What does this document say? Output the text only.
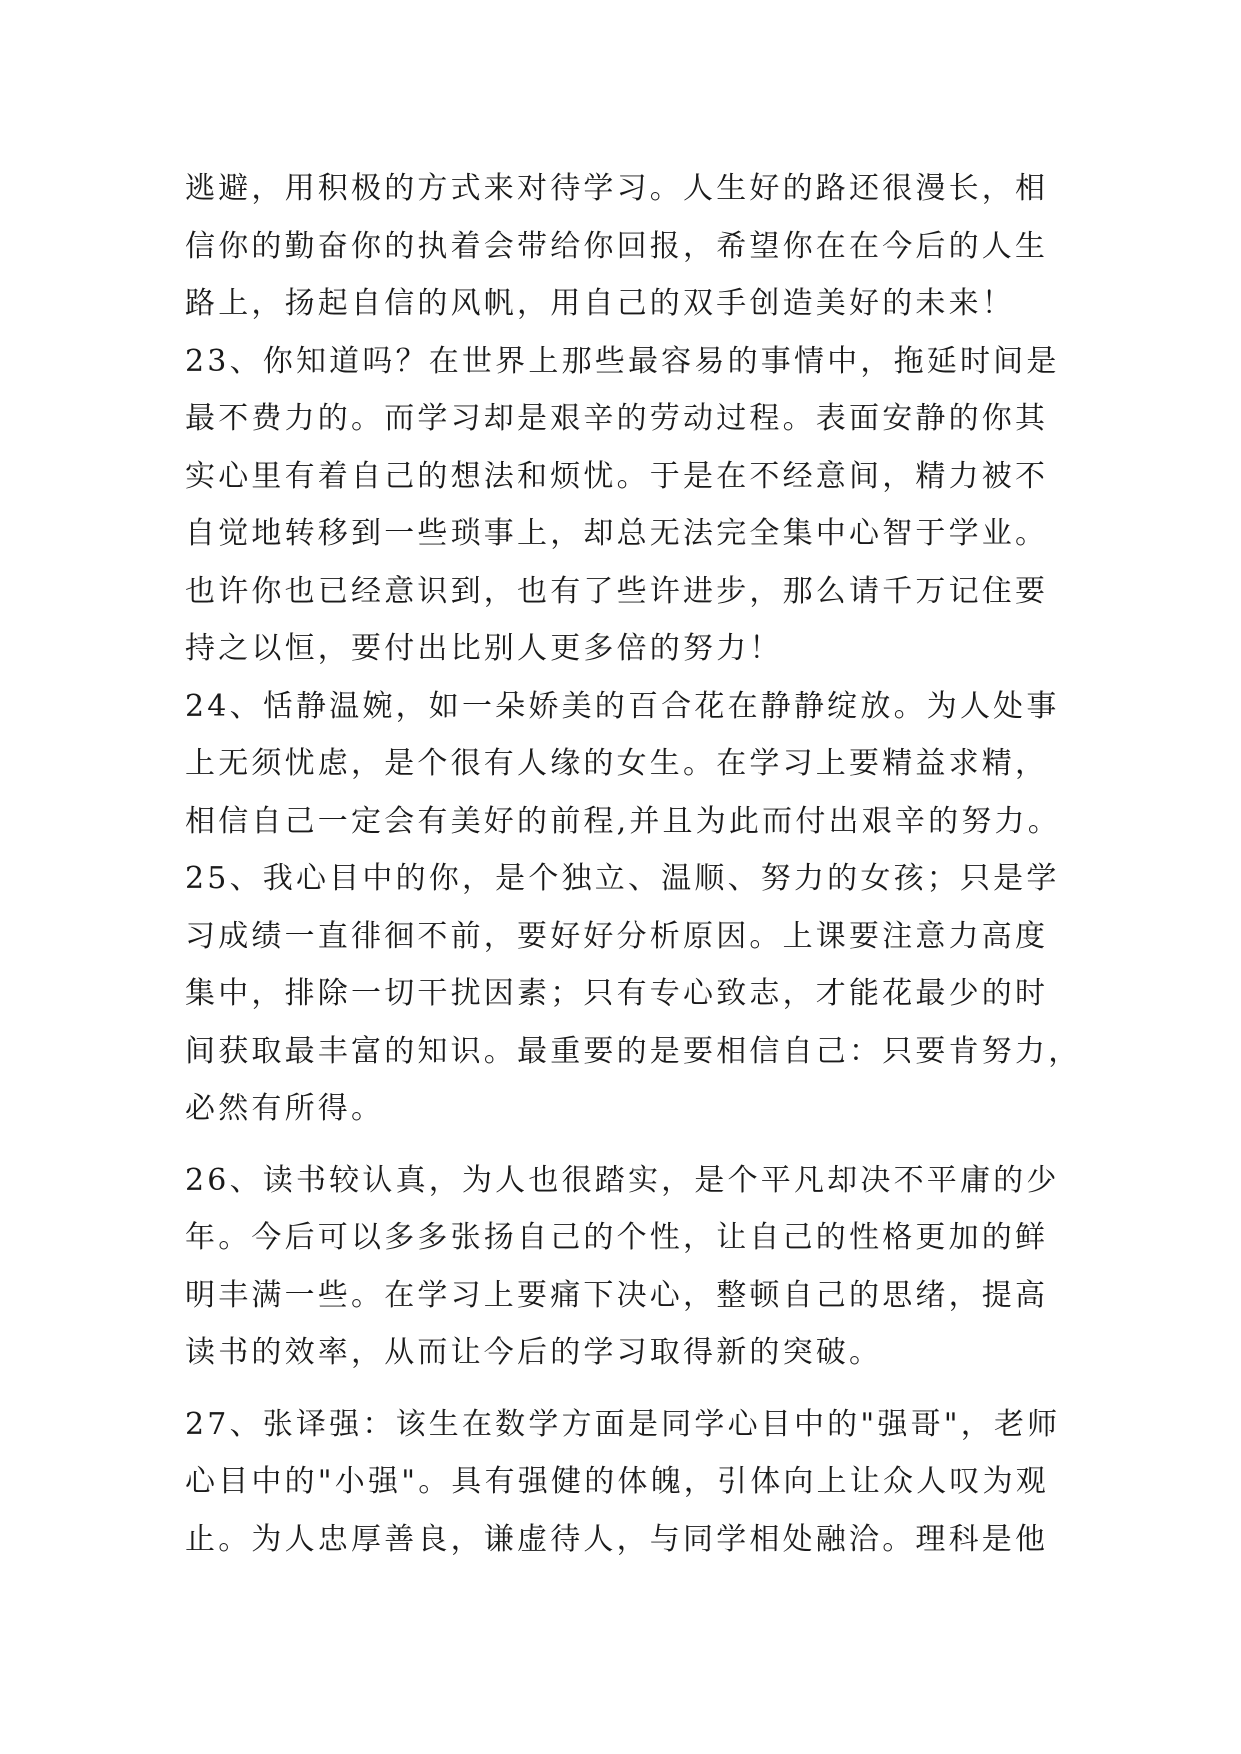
逃避，用积极的方式来对待学习。人生好的路还很漫长，相
信你的勤奋你的执着会带给你回报，希望你在在今后的人生
路上，扬起自信的风帆，用自己的双手创造美好的未来！
23、你知道吗？在世界上那些最容易的事情中，拖延时间是
最不费力的。而学习却是艰辛的劳动过程。表面安静的你其
实心里有着自己的想法和烦忧。于是在不经意间，精力被不
自觉地转移到一些琐事上，却总无法完全集中心智于学业。
也许你也已经意识到，也有了些许进步，那么请千万记住要
持之以恒，要付出比别人更多倍的努力！
24、恬静温婉，如一朵娇美的百合花在静静绽放。为人处事
上无须忧虑，是个很有人缘的女生。在学习上要精益求精，
相信自己一定会有美好的前程,并且为此而付出艰辛的努力。
25、我心目中的你，是个独立、温顺、努力的女孩；只是学
习成绩一直徘徊不前，要好好分析原因。上课要注意力高度
集中，排除一切干扰因素；只有专心致志，才能花最少的时
间获取最丰富的知识。最重要的是要相信自己：只要肯努力，
必然有所得。
26、读书较认真，为人也很踏实，是个平凡却决不平庸的少
年。今后可以多多张扬自己的个性，让自己的性格更加的鲜
明丰满一些。在学习上要痛下决心，整顿自己的思绪，提高
读书的效率，从而让今后的学习取得新的突破。
27、张译强：该生在数学方面是同学心目中的"强哥"，老师
心目中的"小强"。具有强健的体魄，引体向上让众人叹为观
止。为人忠厚善良，谦虚待人，与同学相处融洽。理科是他
